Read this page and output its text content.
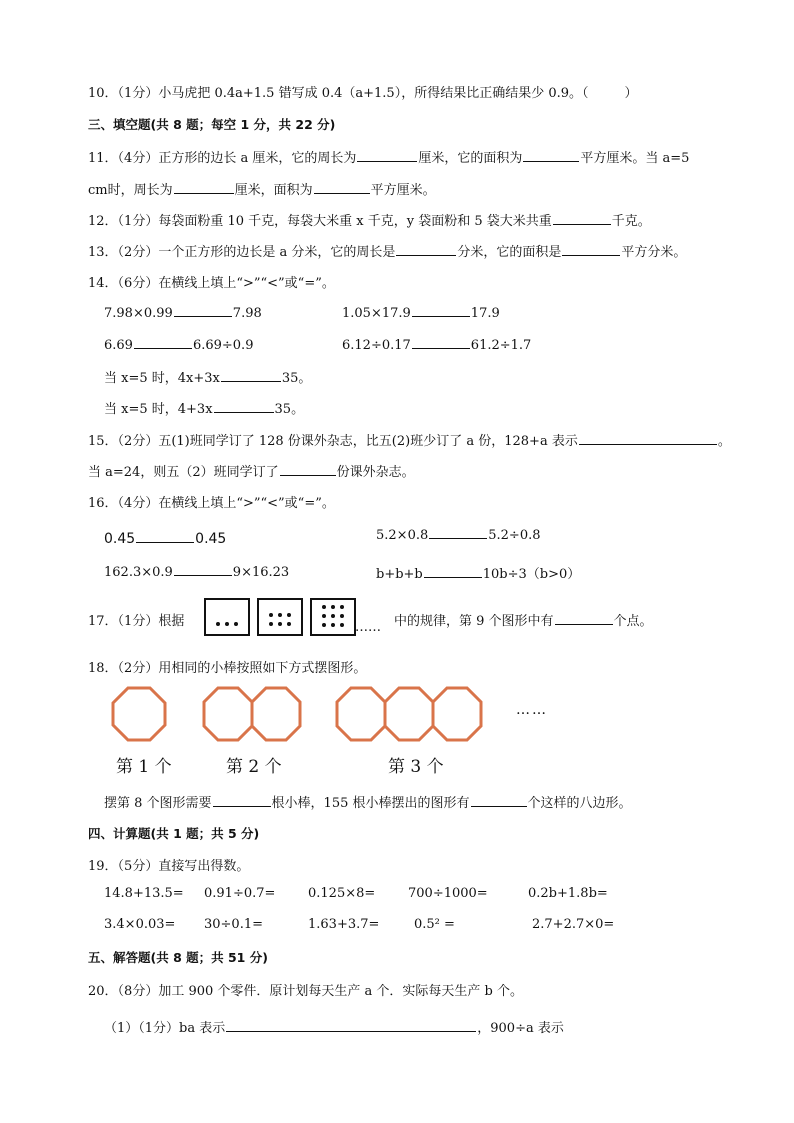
10．（1分）小马虎把 0.4a+1.5 错写成 0.4（a+1.5），所得结果比正确结果少 0.9。（	）
三、填空题(共 8 题；每空 1 分，共 22 分)
11．（4分）正方形的边长 a 厘米，它的周长为	厘米，它的面积为	平方厘米。当 a=5
cm时，周长为	厘米，面积为	平方厘米。
12．（1分）每袋面粉重 10 千克，每袋大米重 x 千克，y 袋面粉和 5 袋大米共重	千克。
13．（2分）一个正方形的边长是 a 分米，它的周长是	分米，它的面积是	平方分米。
14．（6分）在横线上填上“>”“<”或“=”。
7.98×0.99	7.98	1.05×17.9	17.9
6.69	6.69÷0.9	6.12÷0.17	61.2÷1.7
当 x=5 时，4x+3x	35。
当 x=5 时，4+3x	35。
15．（2分）五(1)班同学订了 128 份课外杂志，比五(2)班少订了 a 份，128+a 表示	。
当 a=24，则五（2）班同学订了	份课外杂志。
16．（4分）在横线上填上“>”“<”或“=”。
0.45	0.45	5.2×0.8	5.2÷0.8
162.3×0.9	9×16.23	b+b+b	10b÷3（b>0）
17．（1分）根据

	…… 中的规律，第 9 个图形中有	个点。
18．（2分）用相同的小棒按照如下方式摆图形。
……
第 1 个	第 2 个	第 3 个
摆第 8 个图形需要	根小棒，155 根小棒摆出的图形有	个这样的八边形。
四、计算题(共 1 题；共 5 分)
19．（5分）直接写出得数。
14.8+13.5= 0.91÷0.7=	0.125×8=	700÷1000=	0.2b+1.8b=
3.4×0.03= 30÷0.1=	1.63+3.7=	0.5² =	2.7+2.7×0=
五、解答题(共 8 题；共 51 分)
20．（8分）加工 900 个零件．原计划每天生产 a 个．实际每天生产 b 个。
（1）（1分）ba 表示	，900÷a 表示
